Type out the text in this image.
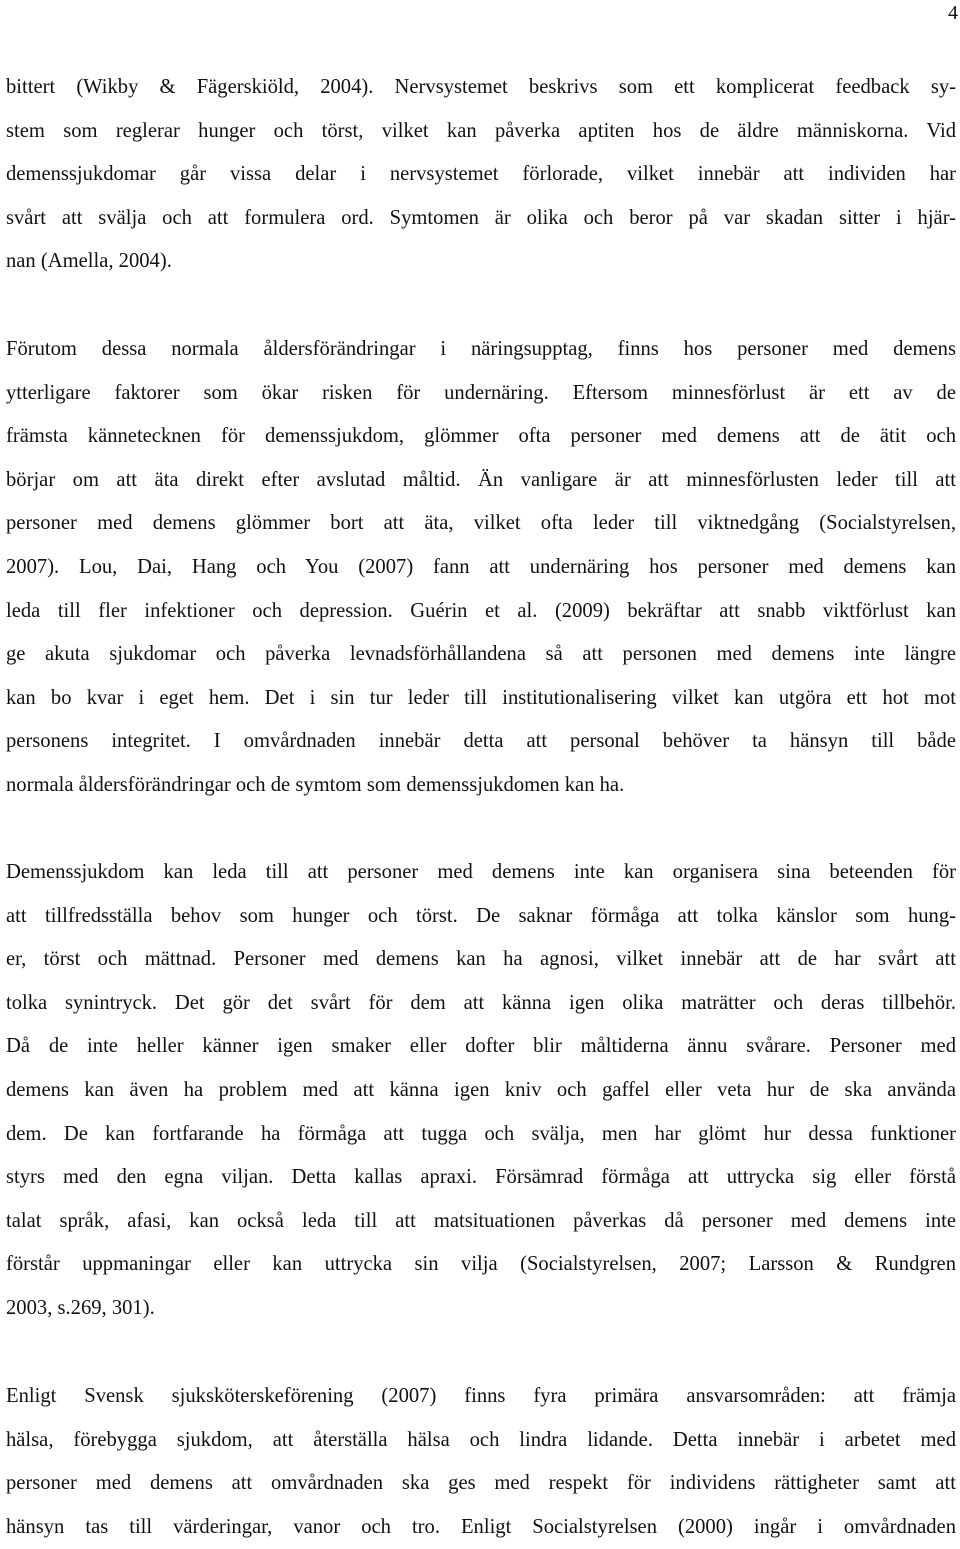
4
bittert (Wikby & Fägerskiöld, 2004). Nervsystemet beskrivs som ett komplicerat feedback sy-
stem som reglerar hunger och törst, vilket kan påverka aptiten hos de äldre människorna. Vid
demenssjukdomar går vissa delar i nervsystemet förlorade, vilket innebär att individen har
svårt att svälja och att formulera ord. Symtomen är olika och beror på var skadan sitter i hjär-
nan (Amella, 2004).
Förutom dessa normala åldersförändringar i näringsupptag, finns hos personer med demens
ytterligare faktorer som ökar risken för undernäring. Eftersom minnesförlust är ett av de
främsta kännetecknen för demenssjukdom, glömmer ofta personer med demens att de ätit och
börjar om att äta direkt efter avslutad måltid. Än vanligare är att minnesförlusten leder till att
personer med demens glömmer bort att äta, vilket ofta leder till viktnedgång (Socialstyrelsen,
2007). Lou, Dai, Hang och You (2007) fann att undernäring hos personer med demens kan
leda till fler infektioner och depression. Guérin et al. (2009) bekräftar att snabb viktförlust kan
ge akuta sjukdomar och påverka levnadsförhållandena så att personen med demens inte längre
kan bo kvar i eget hem. Det i sin tur leder till institutionalisering vilket kan utgöra ett hot mot
personens integritet. I omvårdnaden innebär detta att personal behöver ta hänsyn till både
normala åldersförändringar och de symtom som demenssjukdomen kan ha.
Demenssjukdom kan leda till att personer med demens inte kan organisera sina beteenden för
att tillfredsställa behov som hunger och törst. De saknar förmåga att tolka känslor som hung-
er, törst och mättnad. Personer med demens kan ha agnosi, vilket innebär att de har svårt att
tolka synintryck. Det gör det svårt för dem att känna igen olika maträtter och deras tillbehör.
Då de inte heller känner igen smaker eller dofter blir måltiderna ännu svårare. Personer med
demens kan även ha problem med att känna igen kniv och gaffel eller veta hur de ska använda
dem. De kan fortfarande ha förmåga att tugga och svälja, men har glömt hur dessa funktioner
styrs med den egna viljan. Detta kallas apraxi. Försämrad förmåga att uttrycka sig eller förstå
talat språk, afasi, kan också leda till att matsituationen påverkas då personer med demens inte
förstår uppmaningar eller kan uttrycka sin vilja (Socialstyrelsen, 2007; Larsson & Rundgren
2003, s.269, 301).
Enligt Svensk sjuksköterskeförening (2007) finns fyra primära ansvarsområden: att främja
hälsa, förebygga sjukdom, att återställa hälsa och lindra lidande. Detta innebär i arbetet med
personer med demens att omvårdnaden ska ges med respekt för individens rättigheter samt att
hänsyn tas till värderingar, vanor och tro. Enligt Socialstyrelsen (2000) ingår i omvårdnaden
